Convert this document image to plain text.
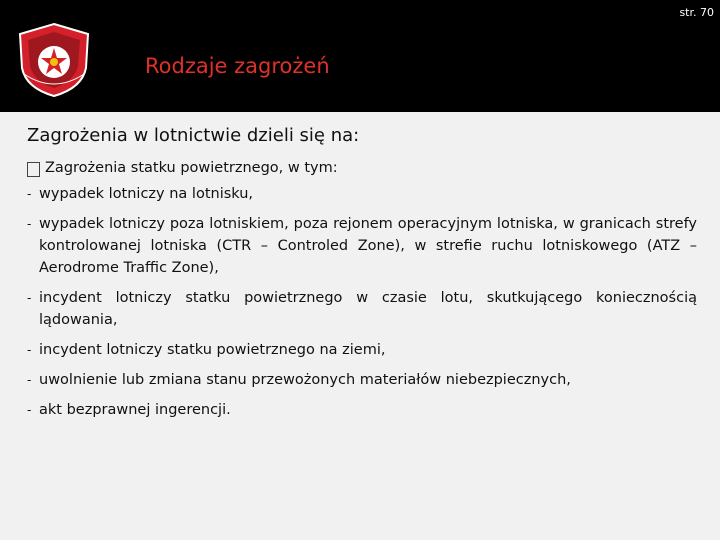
str. 70
Rodzaje zagrożeń
Zagrożenia w lotnictwie dzieli się na:
Zagrożenia statku powietrznego, w tym:
- wypadek lotniczy na lotnisku,
- wypadek lotniczy poza lotniskiem, poza rejonem operacyjnym lotniska, w granicach strefy kontrolowanej lotniska (CTR – Controled Zone), w strefie ruchu lotniskowego (ATZ – Aerodrome Traffic Zone),
- incydent lotniczy statku powietrznego w czasie lotu, skutkującego koniecznością lądowania,
- incydent lotniczy statku powietrznego na ziemi,
- uwolnienie lub zmiana stanu przewożonych materiałów niebezpiecznych,
- akt bezprawnej ingerencji.
